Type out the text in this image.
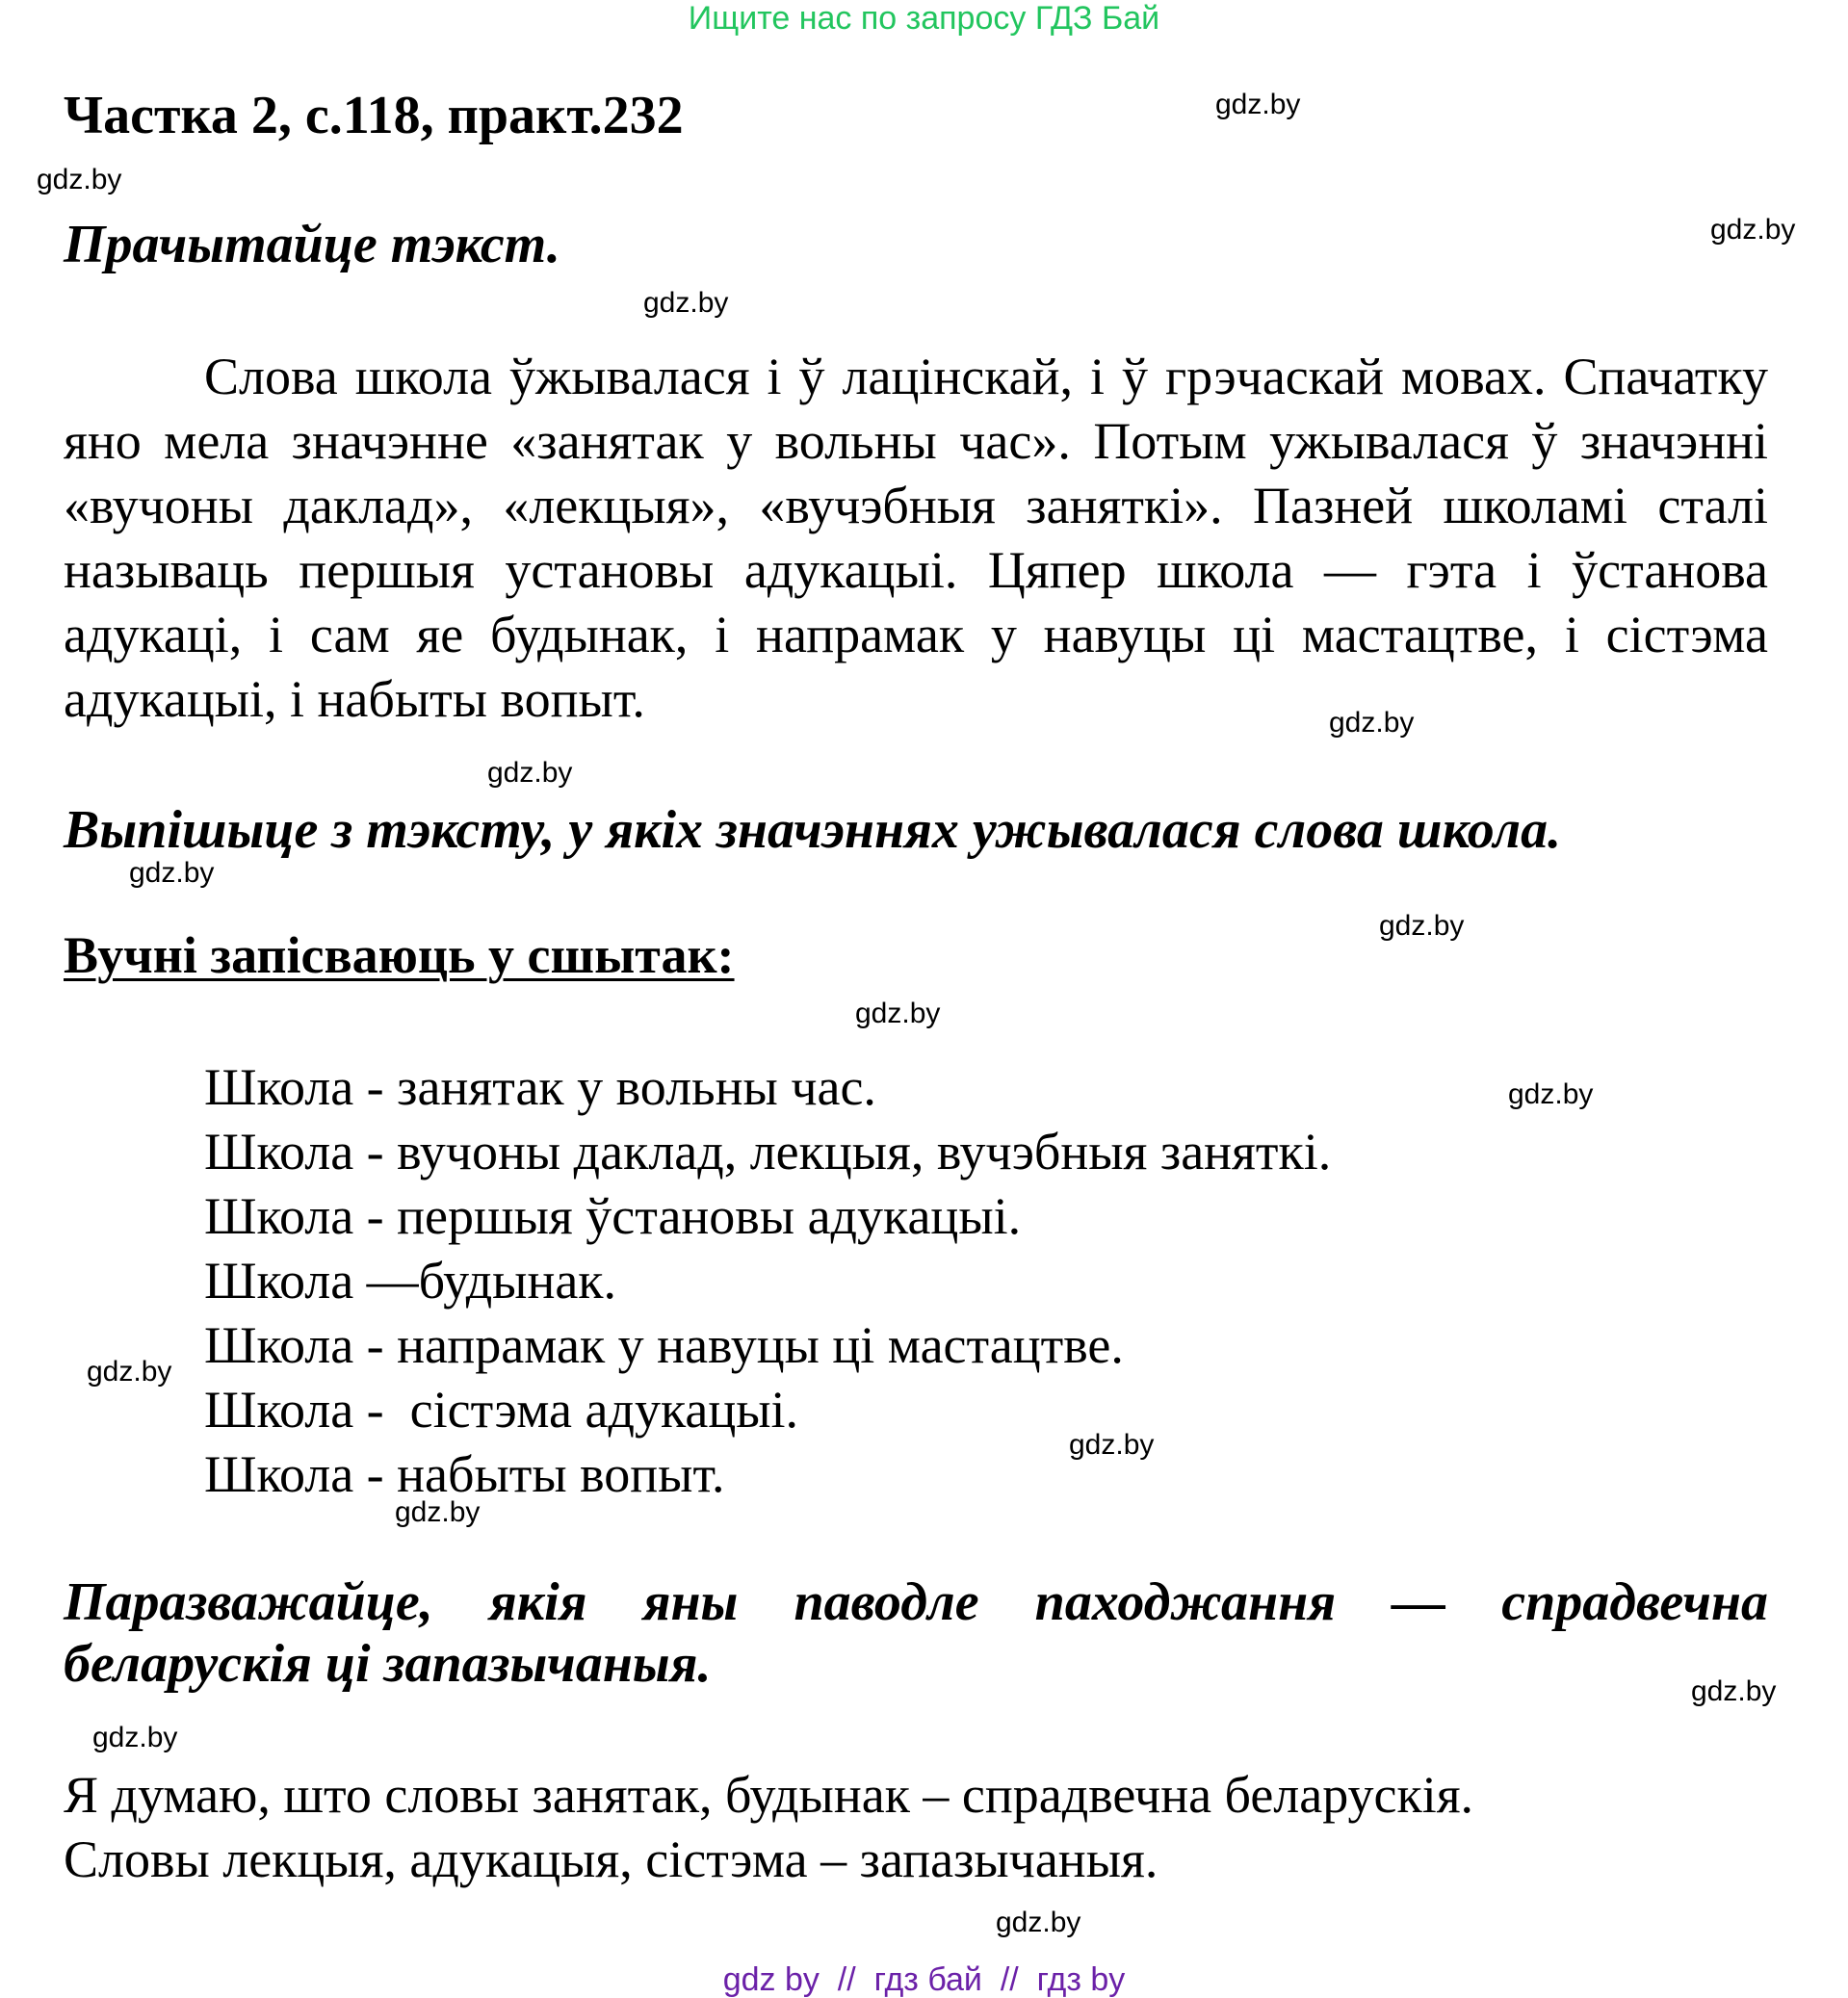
Ищите нас по запросу ГДЗ Бай
Частка 2, с.118, практ.232
Прачытайце тэкст.

Слова школа ўжывалася і ў лацінскай, і ў грэчаскай мовах. Спачатку яно мела значэнне «занятак у вольны час». Потым ужывалася ў значэнні «вучоны даклад», «лекцыя», «вучэбныя заняткі». Пазней школамі сталі называць першыя установы адукацыі. Цяпер школа — гэта і ўстанова адукацi, і сам яе будынак, і напрамак у навуцы ці мастацтве, і сістэма адукацыі, і набыты вопыт.

Выпішыце з тэксту, у якіх значэннях ужывалася слова школа.
Вучні запісваюць у сшытак:
Школа - занятак у вольны час.
Школа - вучоны даклад, лекцыя, вучэбныя заняткі.
Школа - першыя ўстановы адукацыі.
Школа —будынак.
Школа - напрамак у навуцы ці мастацтве.
Школа -  сістэма адукацыі.
Школа - набыты вопыт.

Паразважайце, якія яны паводле паходжання — спрадвечна беларускія ці запазычаныя.

Я думаю, што словы занятак, будынак – спрадвечна беларускія.
Словы лекцыя, адукацыя, сістэма – запазычаныя.
gdz.by
gdz.by
gdz.by
gdz.by
gdz.by
gdz.by
gdz.by
gdz.by
gdz.by
gdz.by
gdz.by
gdz.by
gdz.by
gdz.by
gdz.by
gdz.by
gdz by  //  гдз бай  //  гдз by
